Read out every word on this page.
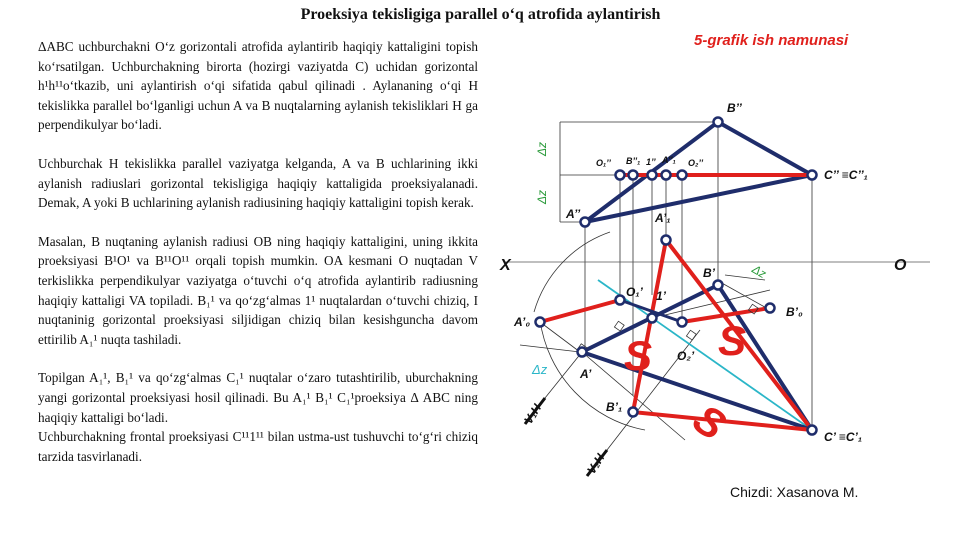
Proeksiya tekisligiga parallel o‘q atrofida aylantirish
5-grafik ish namunasi

ΔABC uchburchakni O‘z gorizontali atrofida aylantirib haqiqiy kattaligini topish ko‘rsatilgan. Uchburchakning birorta (hozirgi vaziyatda C) uchidan gorizontal h¹h¹¹o‘tkazib, uni aylantirish o‘qi sifatida qabul qilinadi . Aylananing o‘qi H tekislikka parallel bo‘lganligi uchun A va B nuqtalarning aylanish tekisliklari H ga perpendikulyar bo‘ladi.

Uchburchak H tekislikka parallel vaziyatga kelganda, A va B uchlarining ikki aylanish radiuslari gorizontal tekisligiga haqiqiy kattaligida proeksiyalanadi. Demak, A yoki B uchlarining aylanish radiusining haqiqiy kattaligini topish kerak.

Masalan, B nuqtaning aylanish radiusi OB ning haqiqiy kattaligini, uning ikkita proeksiyasi B¹O¹ va B¹¹O¹¹ orqali topish mumkin. OA kesmani O nuqtadan V terkislikka perpendikulyar vaziyatga o‘tuvchi o‘q atrofida aylantirib radiusning haqiqiy kattaligi VA topiladi. B₁¹ va qo‘zg‘almas 1¹ nuqtalardan o‘tuvchi chiziq, I nuqtaninig gorizontal proeksiyasi siljidigan chiziq bilan kesishguncha davom ettirilib A₁¹ nuqta tashiladi.

Topilgan A₁¹, B₁¹ va qo‘zg‘almas C₁¹ nuqtalar o‘zaro tutashtirilib, uburchakning yangi gorizontal proeksiyasi hosil qilinadi. Bu A₁¹ B₁¹ C₁¹proeksiya Δ ABC ning haqiqiy kattaligi bo‘ladi.

Uchburchakning frontal proeksiyasi C¹¹1¹¹ bilan ustma-ust tushuvchi to‘g‘ri chiziq tarzida tasvirlanadi.

S S
S
B’’
C’’ ≡C’’₁
O₁’’ B’’₁ 1’’ A’’₁ O₂’’
A’’	A’₁
X	O
B’
O₁’ 1’
A’₀
B’₀
RA
RB
O₂’
A’
B’₁
C’ ≡C’₁
V₁H
V₂H
Δz
Δz
Δz
Δz
Chizdi: Xasanova M.
